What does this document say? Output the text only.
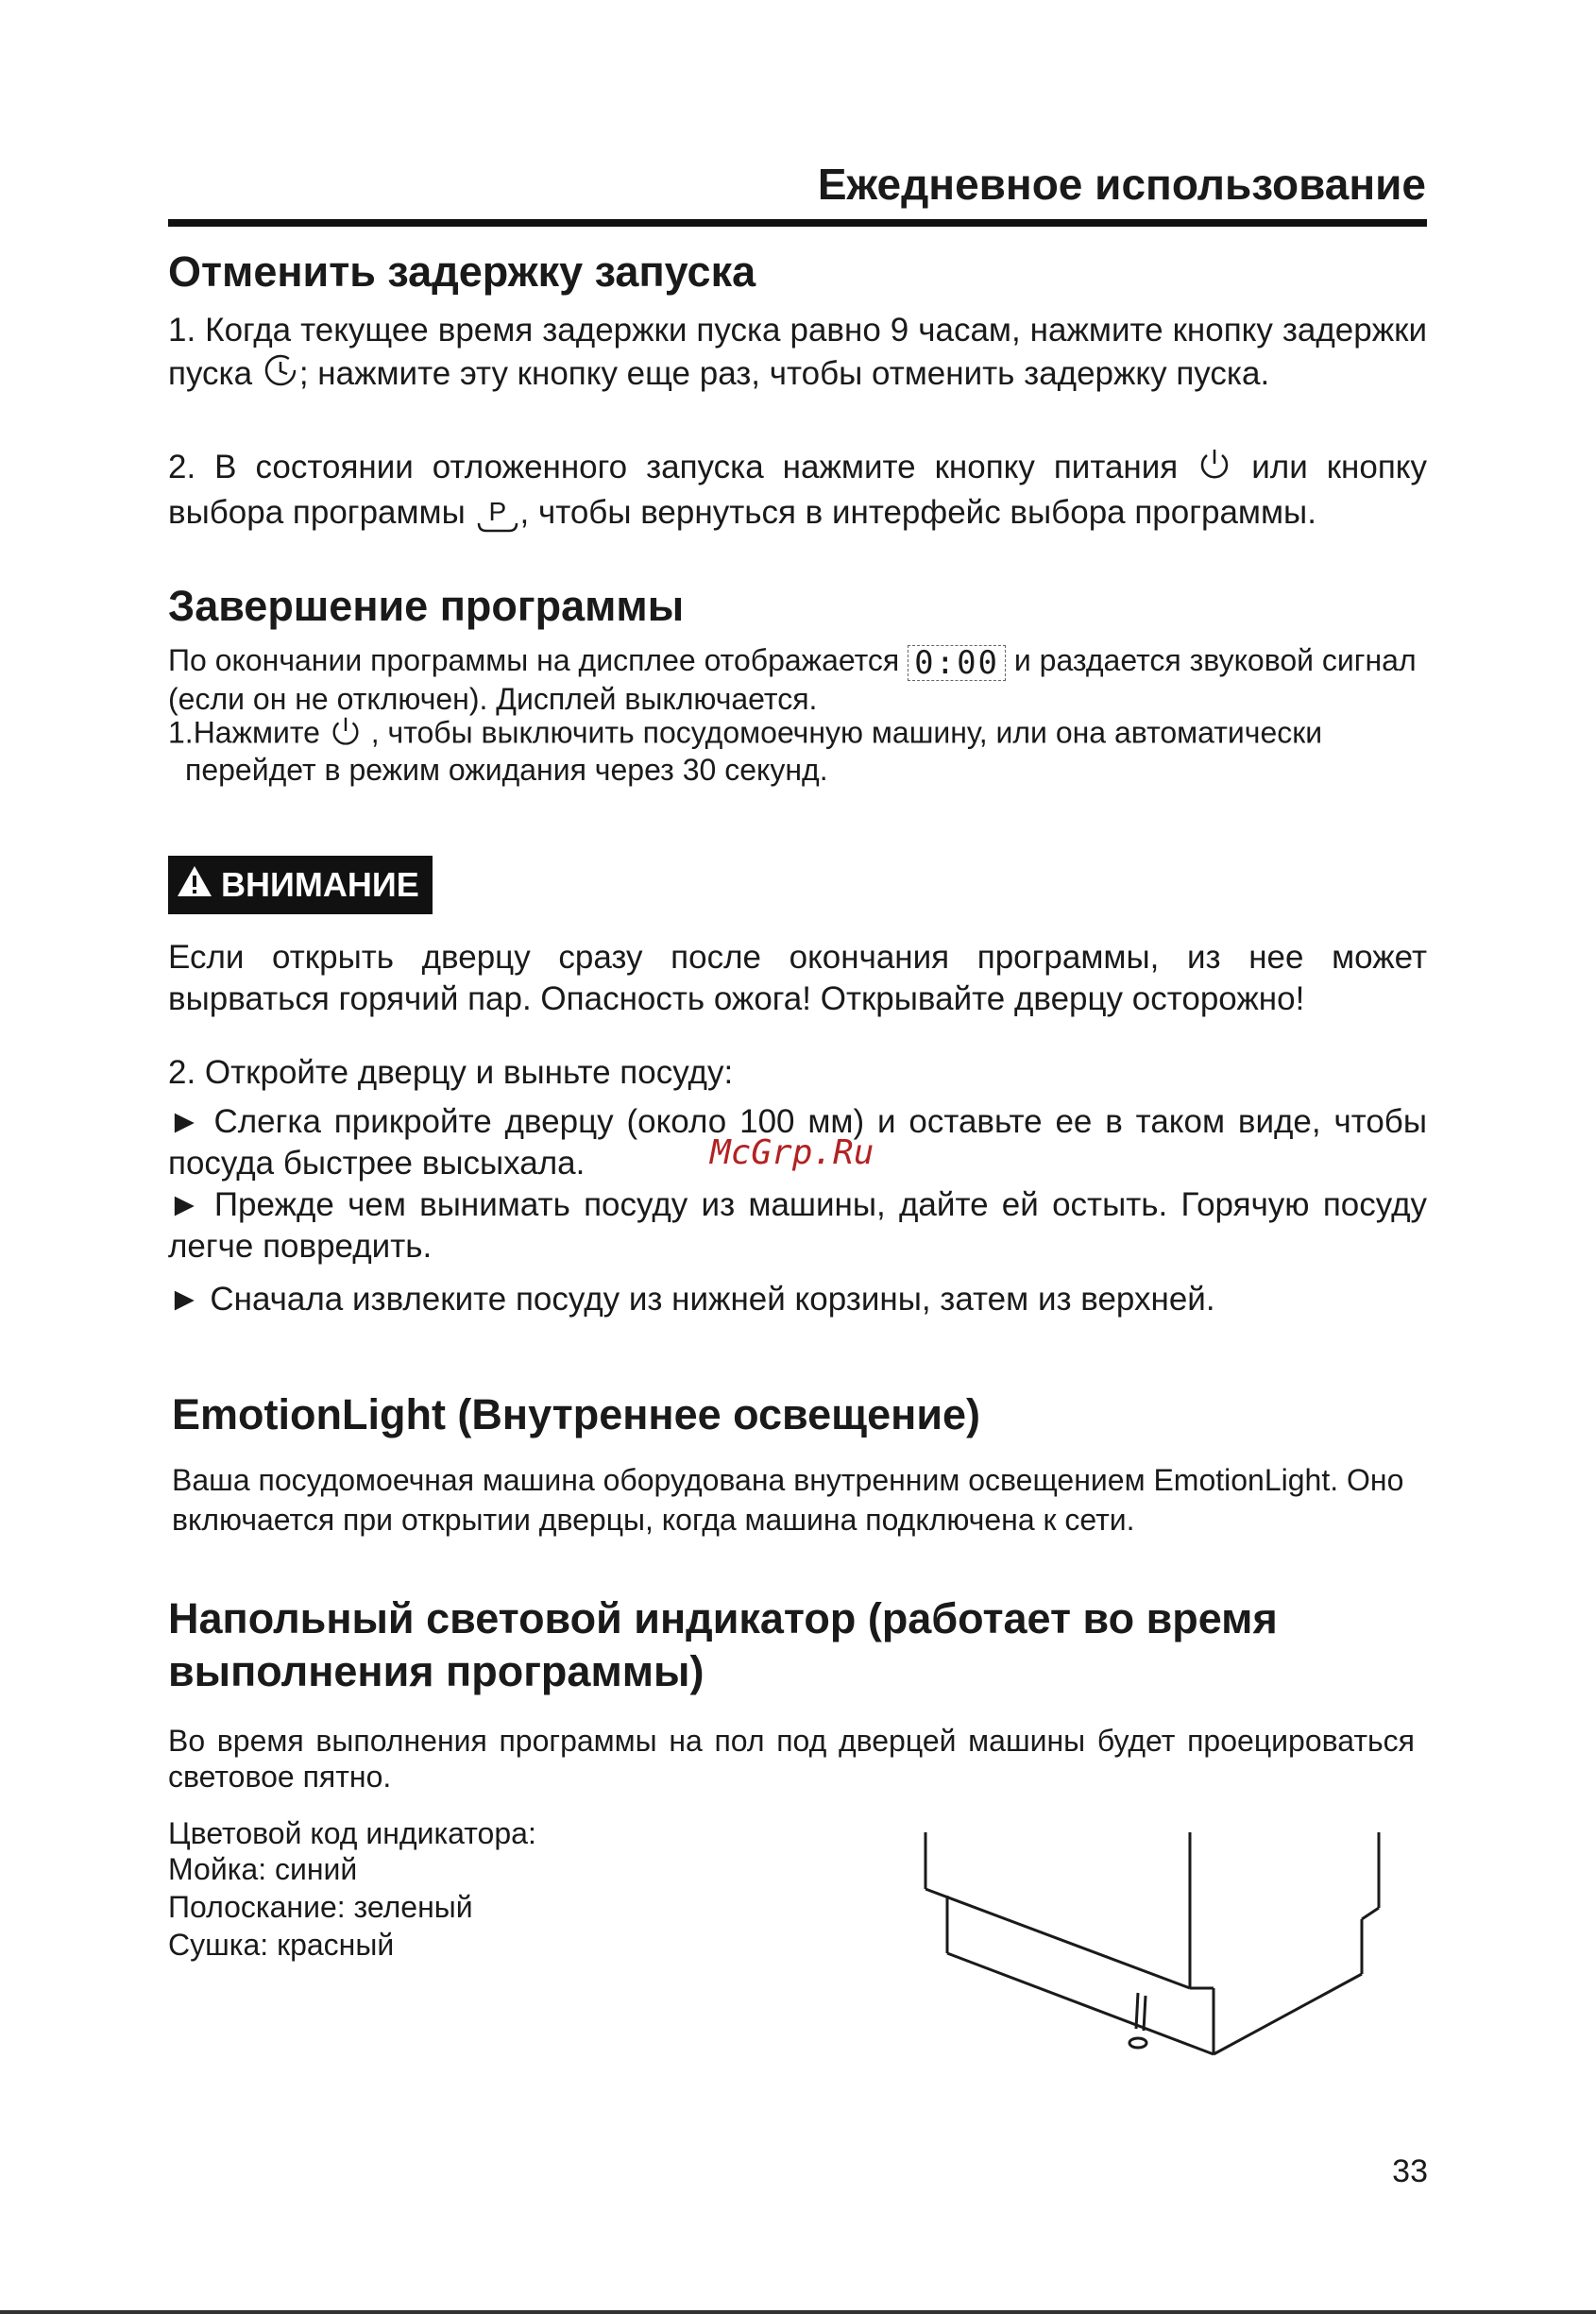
Ежедневное использование
Отменить задержку запуска
1. Когда текущее время задержки пуска равно 9 часам, нажмите кнопку задержки пуска ; нажмите эту кнопку еще раз, чтобы отменить задержку пуска.
2. В состоянии отложенного запуска нажмите кнопку питания или кнопку выбора программы P , чтобы вернуться в интерфейс выбора программы.
Завершение программы
По окончании программы на дисплее отображается 0:00 и раздается звуковой сигнал (если он не отключен). Дисплей выключается.
1.Нажмите , чтобы выключить посудомоечную машину, или она автоматически
перейдет в режим ожидания через 30 секунд.
ВНИМАНИЕ
Если открыть дверцу сразу после окончания программы, из нее может вырваться горячий пар. Опасность ожога! Открывайте дверцу осторожно!
2. Откройте дверцу и выньте посуду:
► Слегка прикройте дверцу (около 100 мм) и оставьте ее в таком виде, чтобы посуда быстрее высыхала.
► Прежде чем вынимать посуду из машины, дайте ей остыть. Горячую посуду легче повредить.
► Сначала извлеките посуду из нижней корзины, затем из верхней.
McGrp.Ru
EmotionLight (Внутреннее освещение)
Ваша посудомоечная машина оборудована внутренним освещением EmotionLight. Оно включается при открытии дверцы, когда машина подключена к сети.
Напольный световой индикатор (работает во время
выполнения программы)
Во время выполнения программы на пол под дверцей машины будет проецироваться световое пятно.
Цветовой код индикатора:
Мойка: синий
Полоскание: зеленый
Сушка: красный
33
